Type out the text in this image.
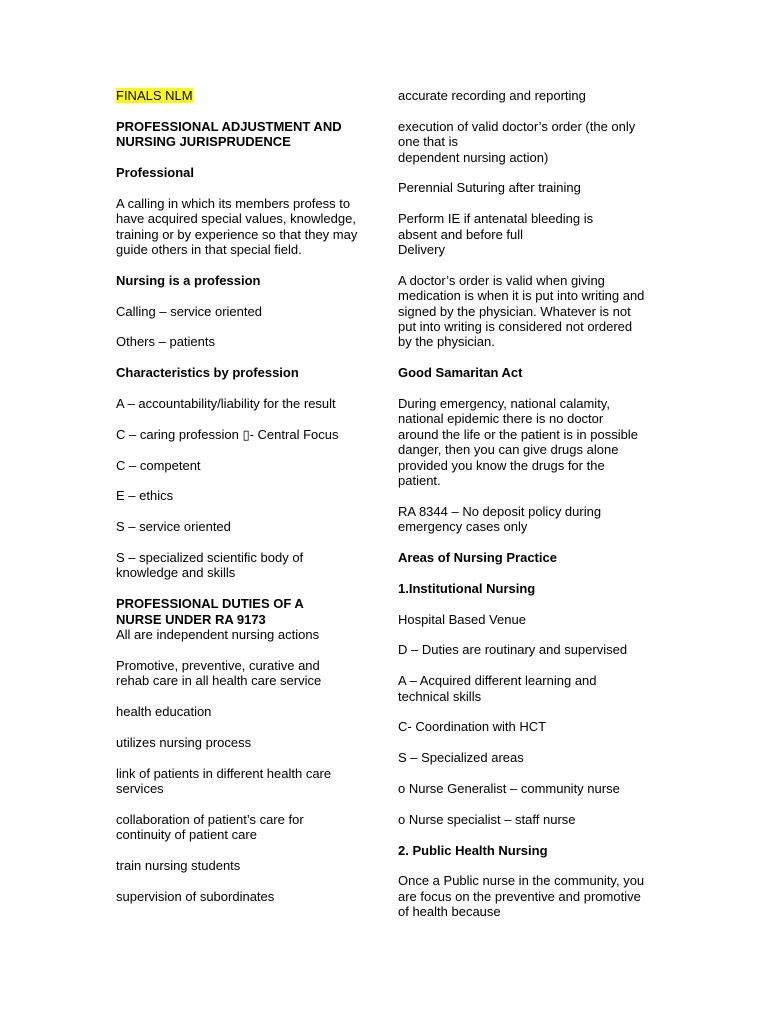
FINALS NLM
PROFESSIONAL ADJUSTMENT AND NURSING JURISPRUDENCE
Professional
A calling in which its members profess to have acquired special values, knowledge, training or by experience so that they may guide others in that special field.
Nursing is a profession
Calling – service oriented
Others – patients
Characteristics by profession
A – accountability/liability for the result
C – caring profession ▯- Central Focus
C – competent
E – ethics
S – service oriented
S – specialized scientific body of knowledge and skills
PROFESSIONAL DUTIES OF A NURSE UNDER RA 9173
All are independent nursing actions
Promotive, preventive, curative and rehab care in all health care service
health education
utilizes nursing process
link of patients in different health care services
collaboration of patient’s care for continuity of patient care
train nursing students
supervision of subordinates
accurate recording and reporting
execution of valid doctor’s order (the only one that is
dependent nursing action)
Perennial Suturing after training
Perform IE if antenatal bleeding is absent and before full
Delivery
A doctor’s order is valid when giving medication is when it is put into writing and signed by the physician. Whatever is not put into writing is considered not ordered by the physician.
Good Samaritan Act
During emergency, national calamity, national epidemic there is no doctor around the life or the patient is in possible danger, then you can give drugs alone provided you know the drugs for the patient.
RA 8344 – No deposit policy during emergency cases only
Areas of Nursing Practice
1.Institutional Nursing
Hospital Based Venue
D – Duties are routinary and supervised
A – Acquired different learning and technical skills
C- Coordination with HCT
S – Specialized areas
o Nurse Generalist – community nurse
o Nurse specialist – staff nurse
2. Public Health Nursing
Once a Public nurse in the community, you are focus on the preventive and promotive of health because
